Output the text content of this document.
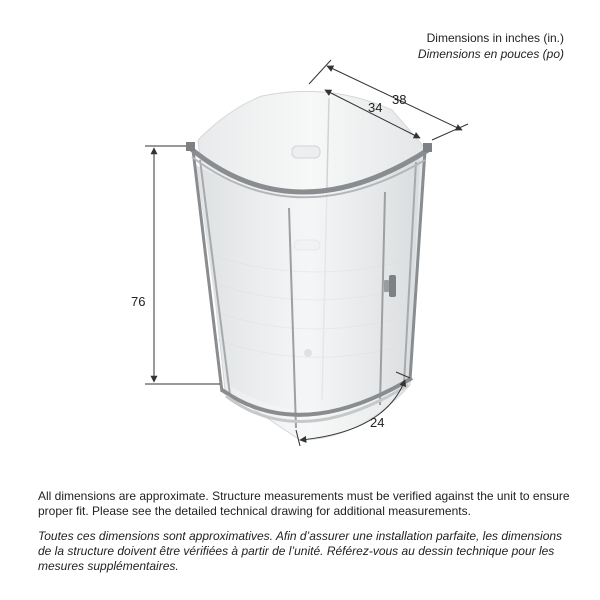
Dimensions in inches (in.)
Dimensions en pouces (po)
76
38
34
24

All dimensions are approximate. Structure measurements must be verified against the unit to ensure proper fit. Please see the detailed technical drawing for additional measurements.

Toutes ces dimensions sont approximatives. Afin d’assurer une installation parfaite, les dimensions de la structure doivent être vérifiées à partir de l’unité. Référez-vous au dessin technique pour les mesures supplémentaires.
